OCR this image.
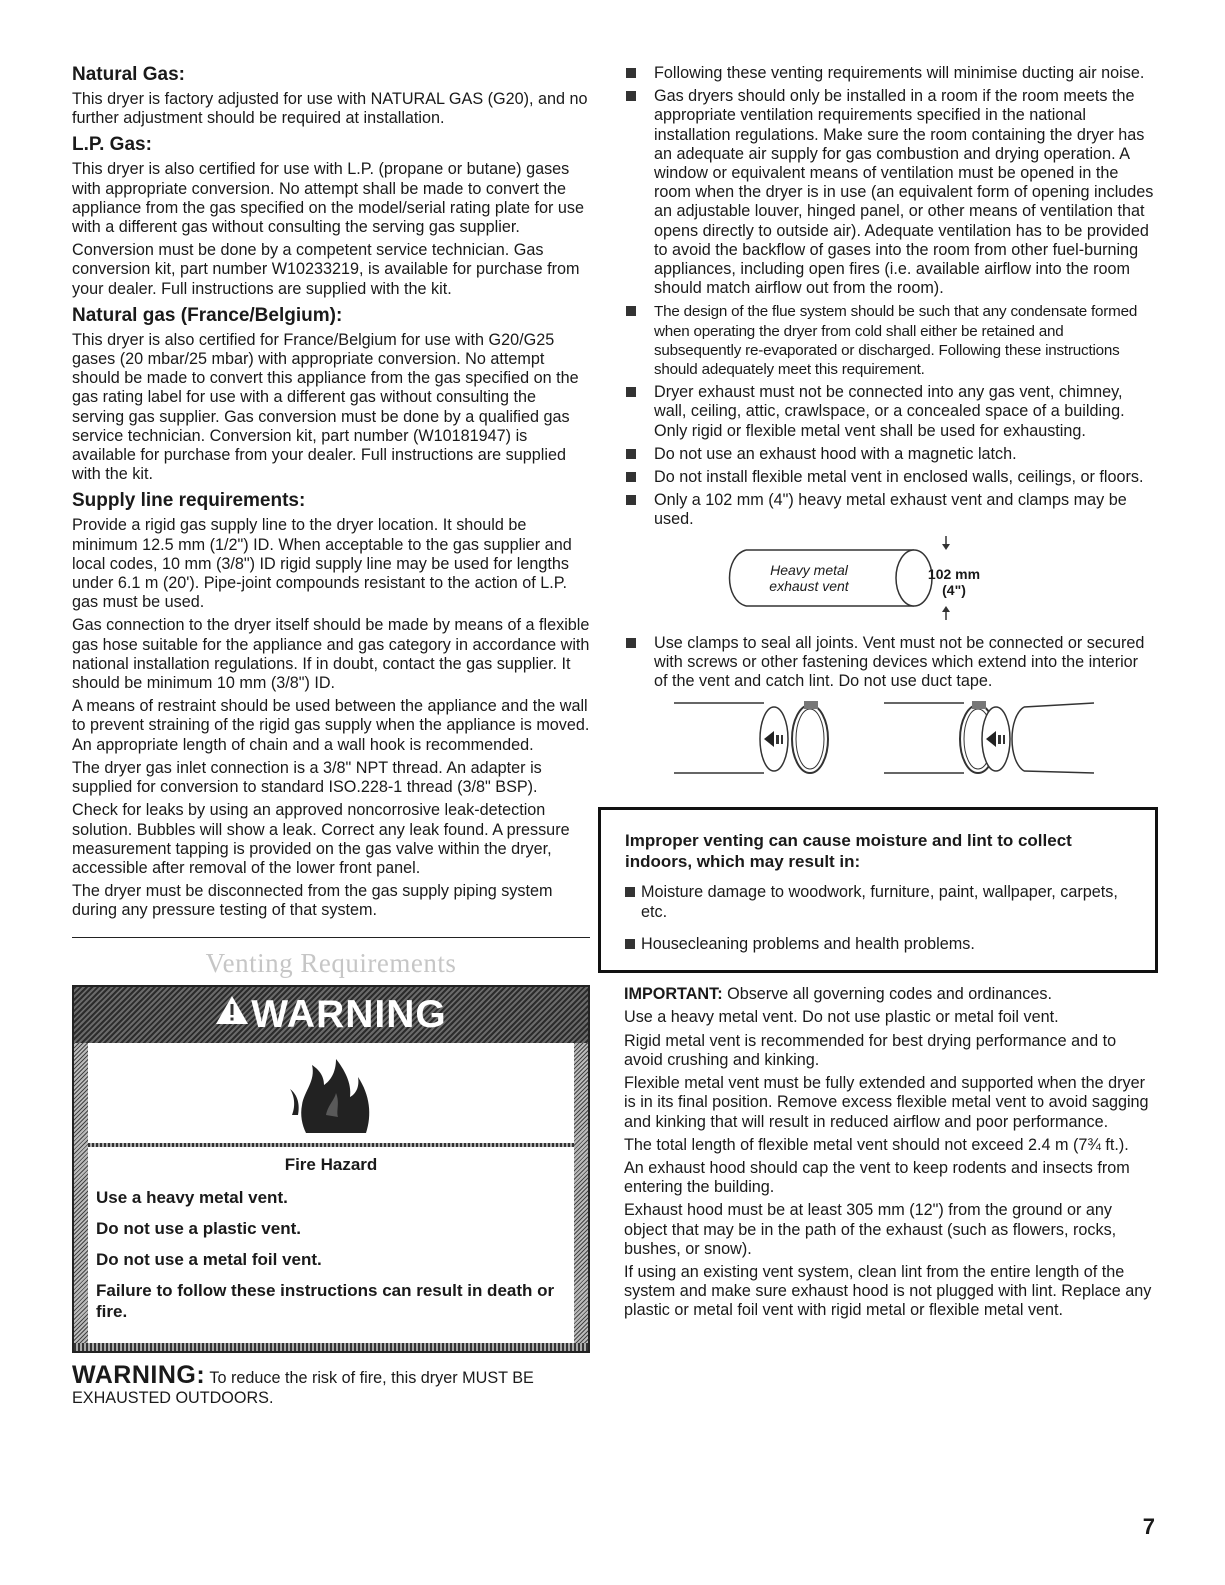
Natural Gas:

This dryer is factory adjusted for use with NATURAL GAS (G20), and no further adjustment should be required at installation.

L.P. Gas:

This dryer is also certified for use with L.P. (propane or butane) gases with appropriate conversion. No attempt shall be made to convert the appliance from the gas specified on the model/serial rating plate for use with a different gas without consulting the serving gas supplier.

Conversion must be done by a competent service technician. Gas conversion kit, part number W10233219, is available for purchase from your dealer. Full instructions are supplied with the kit.

Natural gas (France/Belgium):

This dryer is also certified for France/Belgium for use with G20/G25 gases (20 mbar/25 mbar) with appropriate conversion. No attempt should be made to convert this appliance from the gas specified on the gas rating label for use with a different gas without consulting the serving gas supplier. Gas conversion must be done by a qualified gas service technician. Conversion kit, part number (W10181947) is available for purchase from your dealer. Full instructions are supplied with the kit.

Supply line requirements:

Provide a rigid gas supply line to the dryer location. It should be minimum 12.5 mm (1/2") ID. When acceptable to the gas supplier and local codes, 10 mm (3/8") ID rigid supply line may be used for lengths under 6.1 m (20'). Pipe-joint compounds resistant to the action of L.P. gas must be used.

Gas connection to the dryer itself should be made by means of a flexible gas hose suitable for the appliance and gas category in accordance with national installation regulations. If in doubt, contact the gas supplier. It should be minimum 10 mm (3/8") ID.

A means of restraint should be used between the appliance and the wall to prevent straining of the rigid gas supply when the appliance is moved. An appropriate length of chain and a wall hook is recommended.

The dryer gas inlet connection is a 3/8" NPT thread. An adapter is supplied for conversion to standard ISO.228-1 thread (3/8" BSP).

Check for leaks by using an approved noncorrosive leak-detection solution. Bubbles will show a leak. Correct any leak found. A pressure measurement tapping is provided on the gas valve within the dryer, accessible after removal of the lower front panel.

The dryer must be disconnected from the gas supply piping system during any pressure testing of that system.

Venting Requirements
WARNING
Fire Hazard
Use a heavy metal vent.
Do not use a plastic vent.
Do not use a metal foil vent.
Failure to follow these instructions can result in death or fire.
WARNING: To reduce the risk of fire, this dryer MUST BE EXHAUSTED OUTDOORS.
Following these venting requirements will minimise ducting air noise.
Gas dryers should only be installed in a room if the room meets the appropriate ventilation requirements specified in the national installation regulations. Make sure the room containing the dryer has an adequate air supply for gas combustion and drying operation. A window or equivalent means of ventilation must be opened in the room when the dryer is in use (an equivalent form of opening includes an adjustable louver, hinged panel, or other means of ventilation that opens directly to outside air). Adequate ventilation has to be provided to avoid the backflow of gases into the room from other fuel-burning appliances, including open fires (i.e. available airflow into the room should match airflow out from the room).
The design of the flue system should be such that any condensate formed when operating the dryer from cold shall either be retained and subsequently re-evaporated or discharged. Following these instructions should adequately meet this requirement.
Dryer exhaust must not be connected into any gas vent, chimney, wall, ceiling, attic, crawlspace, or a concealed space of a building. Only rigid or flexible metal vent shall be used for exhausting.
Do not use an exhaust hood with a magnetic latch.
Do not install flexible metal vent in enclosed walls, ceilings, or floors.
Only a 102 mm (4") heavy metal exhaust vent and clamps may be used.
Heavy metal
exhaust vent
102 mm
(4")
Use clamps to seal all joints. Vent must not be connected or secured with screws or other fastening devices which extend into the interior of the vent and catch lint. Do not use duct tape.
Improper venting can cause moisture and lint to collect indoors, which may result in:
Moisture damage to woodwork, furniture, paint, wallpaper, carpets, etc.
Housecleaning problems and health problems.

IMPORTANT: Observe all governing codes and ordinances.

Use a heavy metal vent. Do not use plastic or metal foil vent.

Rigid metal vent is recommended for best drying performance and to avoid crushing and kinking.

Flexible metal vent must be fully extended and supported when the dryer is in its final position. Remove excess flexible metal vent to avoid sagging and kinking that will result in reduced airflow and poor performance.

The total length of flexible metal vent should not exceed 2.4 m (7¾ ft.).

An exhaust hood should cap the vent to keep rodents and insects from entering the building.

Exhaust hood must be at least 305 mm (12") from the ground or any object that may be in the path of the exhaust (such as flowers, rocks, bushes, or snow).

If using an existing vent system, clean lint from the entire length of the system and make sure exhaust hood is not plugged with lint. Replace any plastic or metal foil vent with rigid metal or flexible metal vent.

7
